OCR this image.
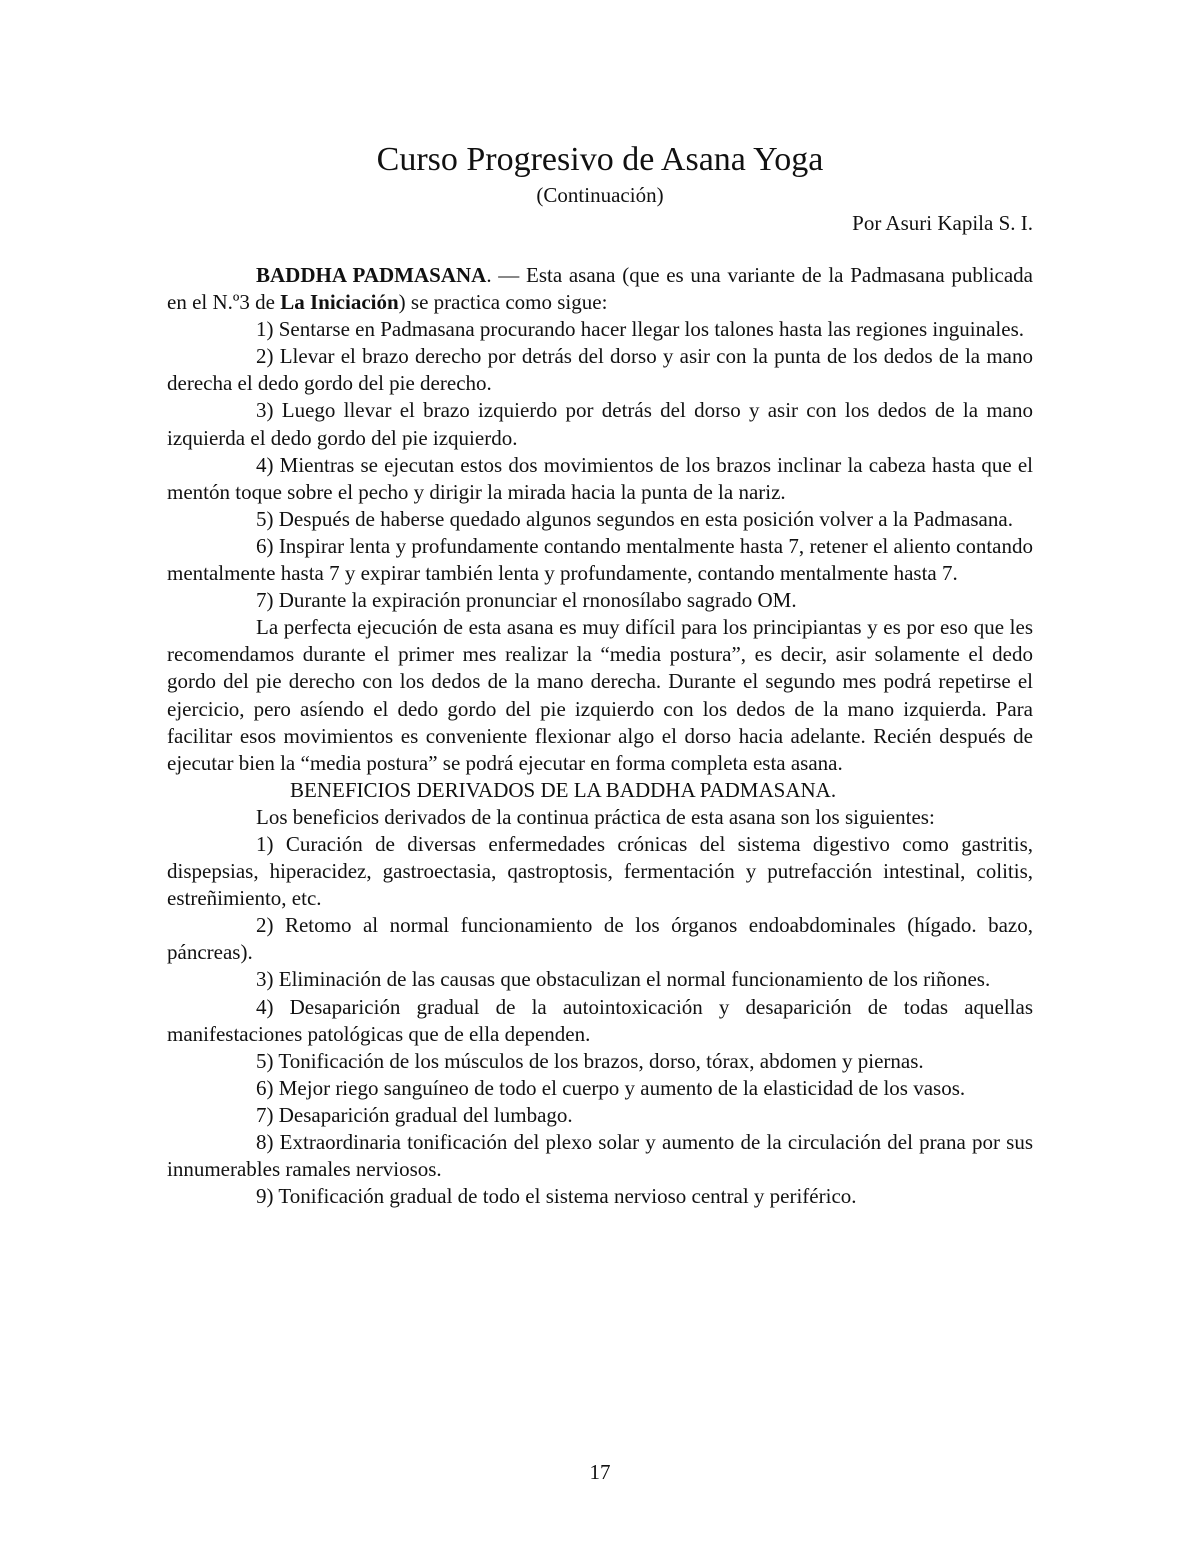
Curso Progresivo de Asana Yoga
(Continuación)
Por Asuri Kapila S. I.

BADDHA PADMASANA. — Esta asana (que es una variante de la Padmasana publicada en el N.º3 de La Iniciación) se practica como sigue:

1) Sentarse en Padmasana procurando hacer llegar los talones hasta las regiones inguinales.

2) Llevar el brazo derecho por detrás del dorso y asir con la punta de los dedos de la mano derecha el dedo gordo del pie derecho.

3) Luego llevar el brazo izquierdo por detrás del dorso y asir con los dedos de la mano izquierda el dedo gordo del pie izquierdo.

4) Mientras se ejecutan estos dos movimientos de los brazos inclinar la cabeza hasta que el mentón toque sobre el pecho y dirigir la mirada hacia la punta de la nariz.

5) Después de haberse quedado algunos segundos en esta posición volver a la Padmasana.

6) Inspirar lenta y profundamente contando mentalmente hasta 7, retener el aliento contando mentalmente hasta 7 y expirar también lenta y profundamente, contando mentalmente hasta 7.

7) Durante la expiración pronunciar el rnonosílabo sagrado OM.

La perfecta ejecución de esta asana es muy difícil para los principiantas y es por eso que les recomendamos durante el primer mes realizar la “media postura”, es decir, asir solamente el dedo gordo del pie derecho con los dedos de la mano derecha. Durante el segundo mes podrá repetirse el ejercicio, pero asíendo el dedo gordo del pie izquierdo con los dedos de la mano izquierda. Para facilitar esos movimientos es conveniente flexionar algo el dorso hacia adelante. Recién después de ejecutar bien la “media postura” se podrá ejecutar en forma completa esta asana.

BENEFICIOS DERIVADOS DE LA BADDHA PADMASANA.

Los beneficios derivados de la continua práctica de esta asana son los siguientes:

1) Curación de diversas enfermedades crónicas del sistema digestivo como gastritis, dispepsias, hiperacidez, gastroectasia, qastroptosis, fermentación y putrefacción intestinal, colitis, estreñimiento, etc.

2) Retomo al normal funcionamiento de los órganos endoabdominales (hígado. bazo, páncreas).

3) Eliminación de las causas que obstaculizan el normal funcionamiento de los riñones.

4) Desaparición gradual de la autointoxicación y desaparición de todas aquellas manifestaciones patológicas que de ella dependen.

5) Tonificación de los músculos de los brazos, dorso, tórax, abdomen y piernas.

6) Mejor riego sanguíneo de todo el cuerpo y aumento de la elasticidad de los vasos.

7) Desaparición gradual del lumbago.

8) Extraordinaria tonificación del plexo solar y aumento de la circulación del prana por sus innumerables ramales nerviosos.

9) Tonificación gradual de todo el sistema nervioso central y periférico.

17
